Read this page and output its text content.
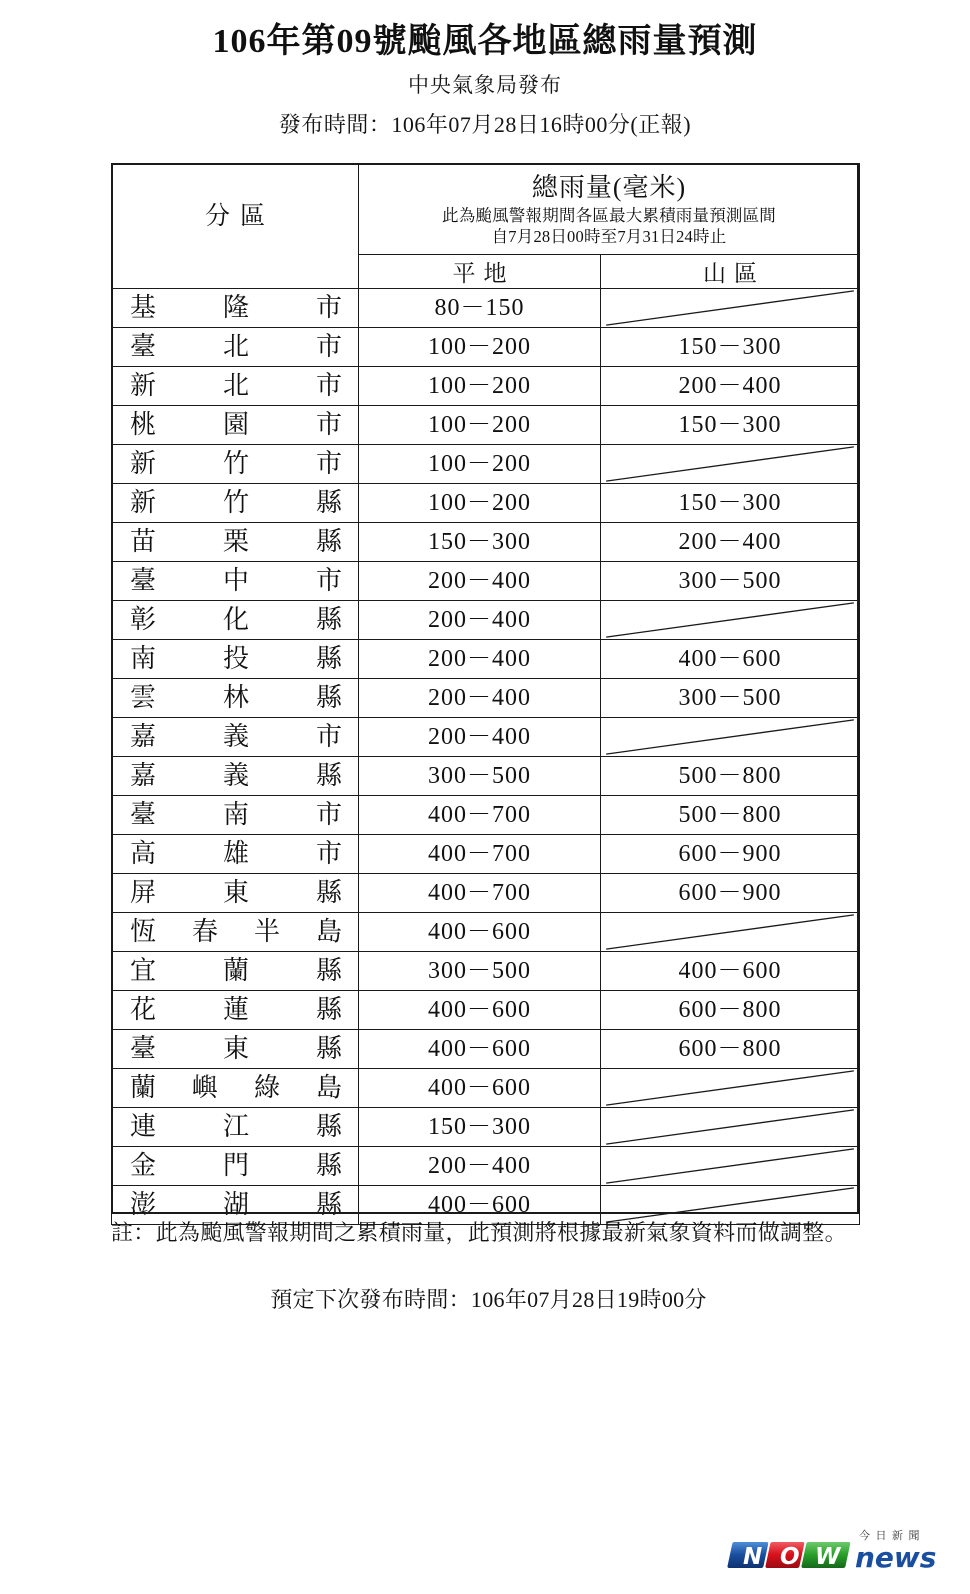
106年第09號颱風各地區總雨量預測
中央氣象局發布
發布時間：106年07月28日16時00分(正報)
分區	總雨量(毫米)
此為颱風警報期間各區最大累積雨量預測區間
自7月28日00時至7月31日24時止	

	平地	山區

基隆市	80－150	

臺北市	100－200	150－300

新北市	100－200	200－400

桃園市	100－200	150－300

新竹市	100－200	

新竹縣	100－200	150－300

苗栗縣	150－300	200－400

臺中市	200－400	300－500

彰化縣	200－400	

南投縣	200－400	400－600

雲林縣	200－400	300－500

嘉義市	200－400	

嘉義縣	300－500	500－800

臺南市	400－700	500－800

高雄市	400－700	600－900

屏東縣	400－700	600－900

恆春半島	400－600	

宜蘭縣	300－500	400－600

花蓮縣	400－600	600－800

臺東縣	400－600	600－800

蘭嶼綠島	400－600	

連江縣	150－300	

金門縣	200－400	

澎湖縣	400－600	
註：此為颱風警報期間之累積雨量，此預測將根據最新氣象資料而做調整。
預定下次發布時間：106年07月28日19時00分
今日新聞
N O W news
